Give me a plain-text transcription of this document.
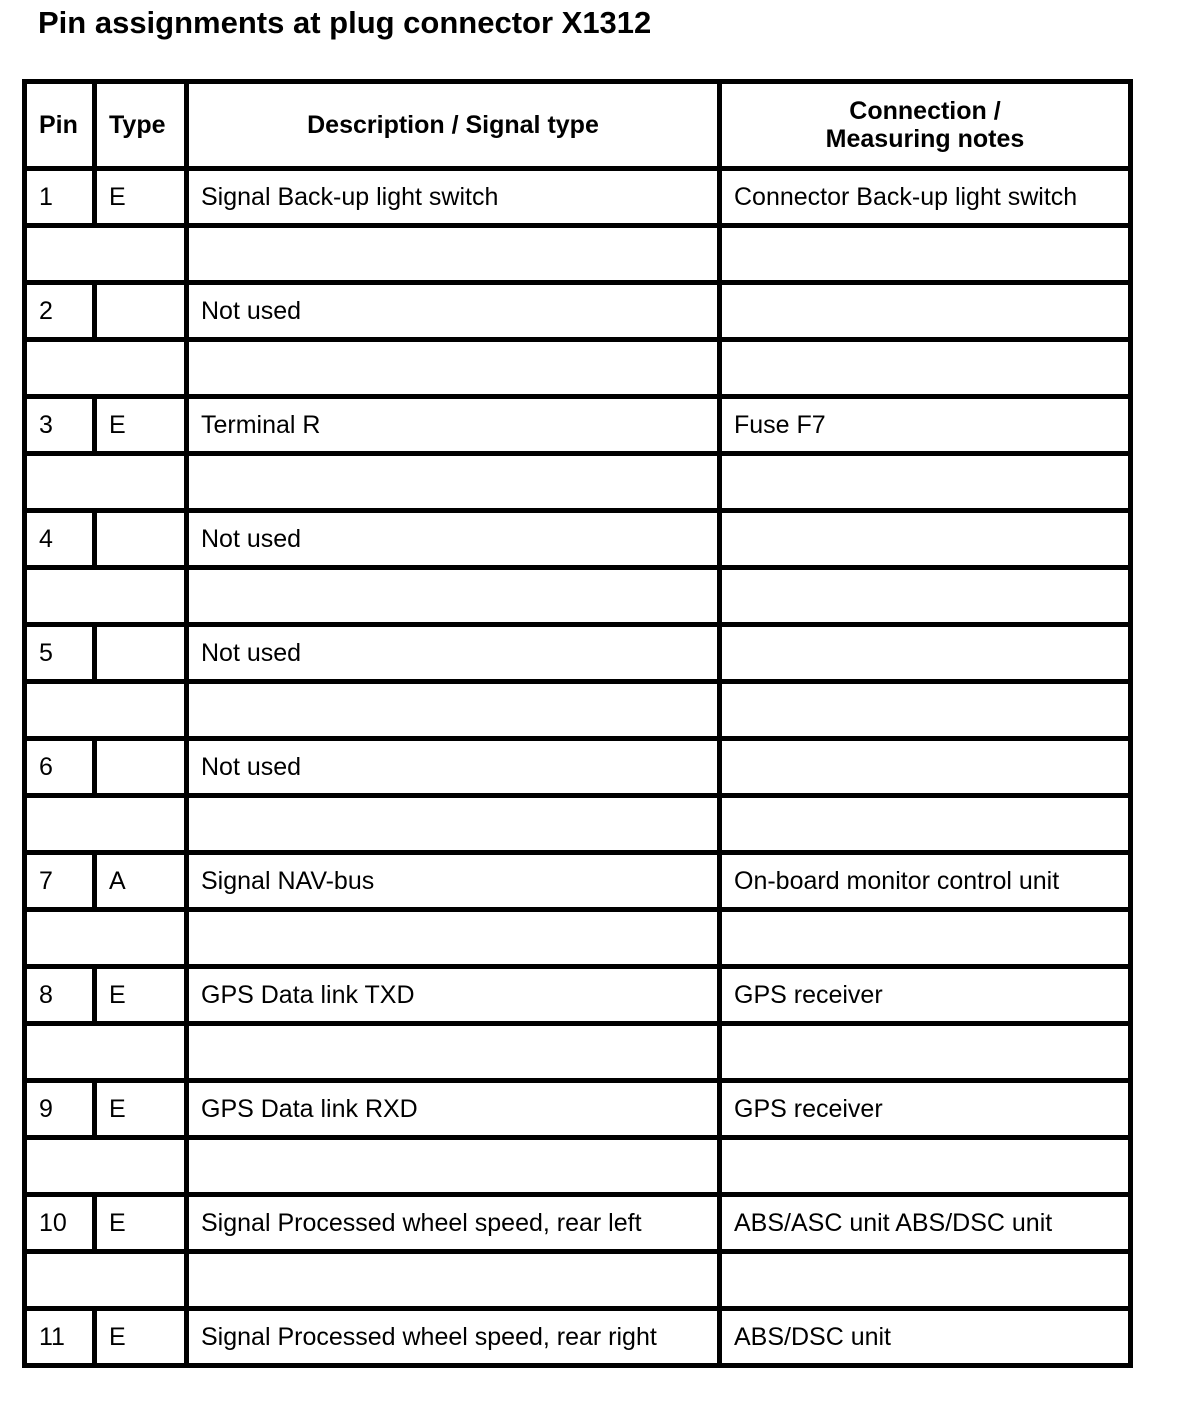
Pin assignments at plug connector X1312
Pin	Type	Description / Signal type	Connection /
Measuring notes

1	E	Signal Back-up light switch	Connector Back-up light switch

2		Not used	

3	E	Terminal R	Fuse F7

4		Not used	

5		Not used	

6		Not used	

7	A	Signal NAV-bus	On-board monitor control unit

8	E	GPS Data link TXD	GPS receiver

9	E	GPS Data link RXD	GPS receiver

10	E	Signal Processed wheel speed, rear left	ABS/ASC unit ABS/DSC unit

11	E	Signal Processed wheel speed, rear right	ABS/DSC unit
